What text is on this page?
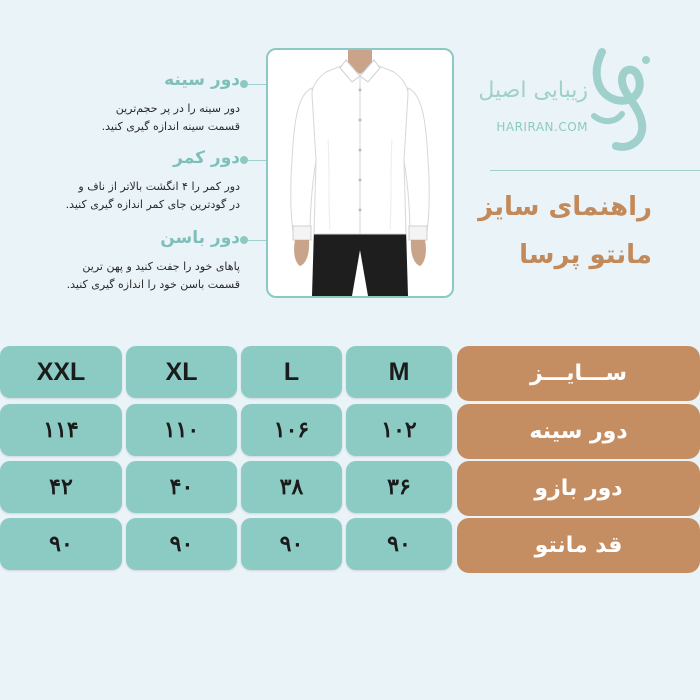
دور سینه
دور سینه را در پر حجم‌ترین
قسمت سینه اندازه گیری کنید.
دور کمر
دور کمر را ۴ انگشت بالاتر از ناف و
در گودترین جای کمر اندازه گیری کنید.
دور باسن
پاهای خود را جفت کنید و پهن ترین
قسمت باسن خود را اندازه گیری کنید.
زیبایی اصیل
HARIRAN.COM
راهنمای سایز
مانتو پرسا
ســـایـــز
M
L
XL
XXL
دور سینه
۱۰۲
۱۰۶
۱۱۰
۱۱۴
دور بازو
۳۶
۳۸
۴۰
۴۲
قد مانتو
۹۰
۹۰
۹۰
۹۰
